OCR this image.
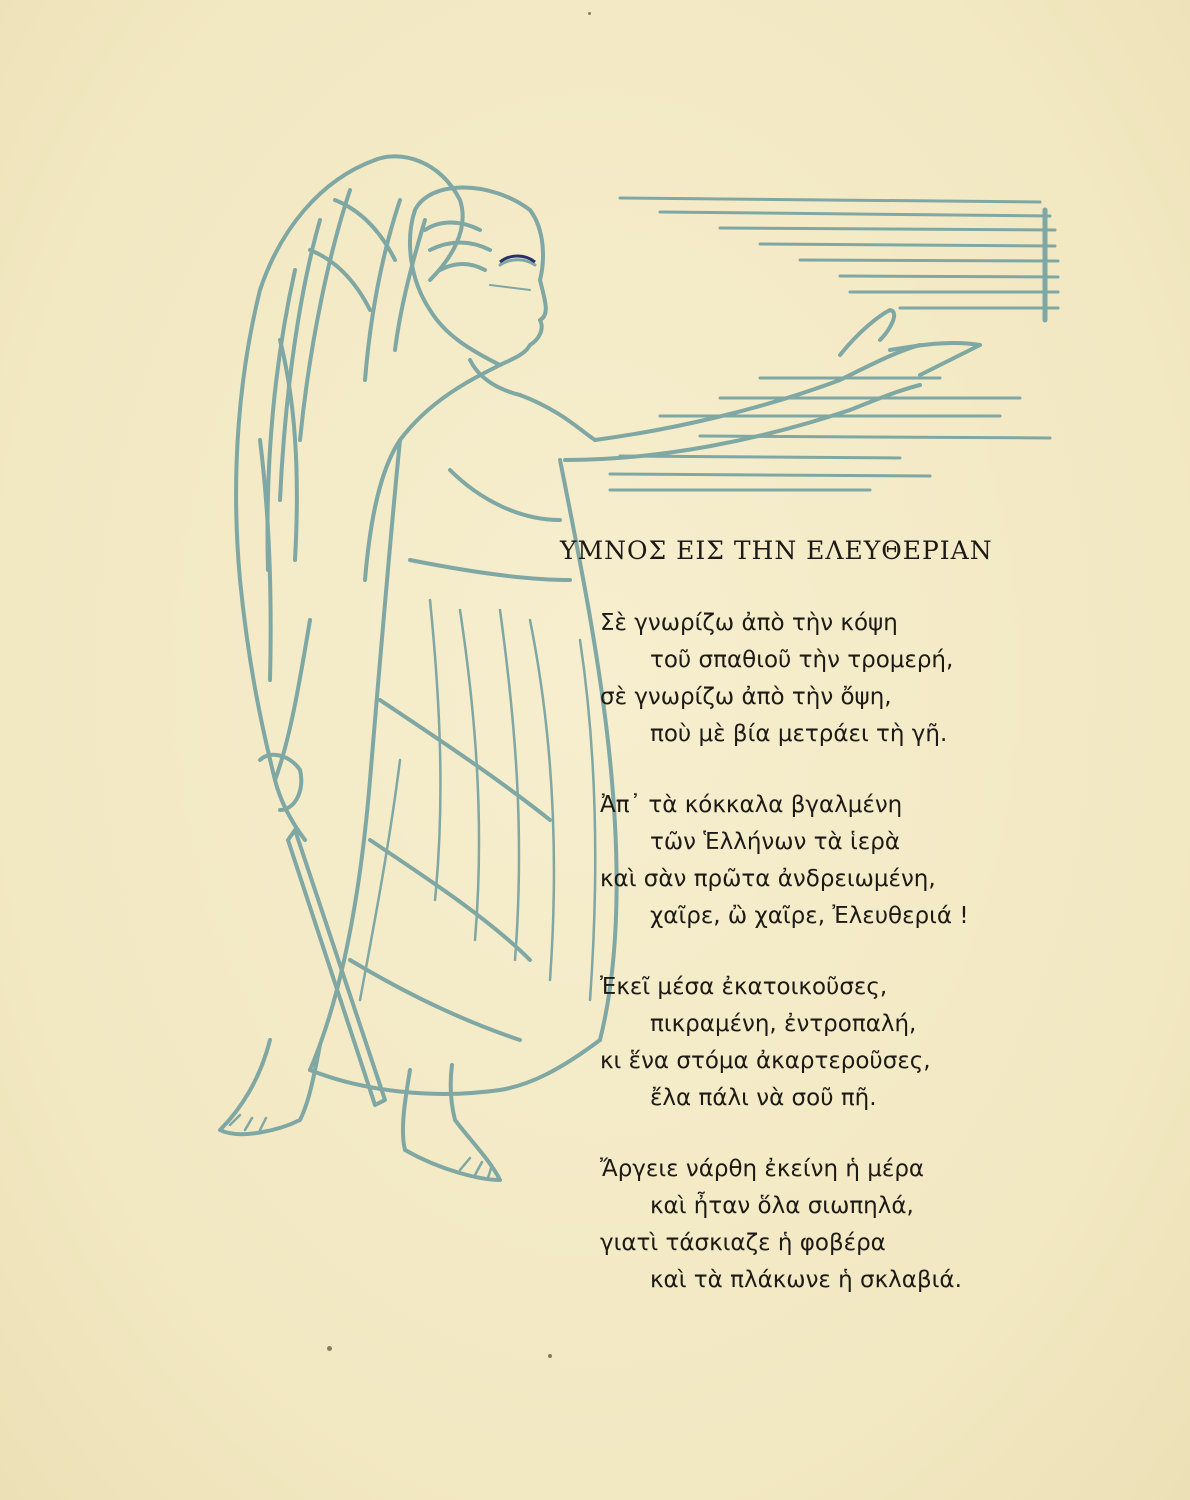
ΥΜΝΟΣ ΕΙΣ ΤΗΝ ΕΛΕΥΘΕΡΙΑΝ
Σὲ γνωρίζω ἀπὸ τὴν κόψη
τοῦ σπαθιοῦ τὴν τρομερή,
σὲ γνωρίζω ἀπὸ τὴν ὄψη,
ποὺ μὲ βία μετράει τὴ γῆ.
Ἀπ᾿ τὰ κόκκαλα βγαλμένη
τῶν Ἑλλήνων τὰ ἱερὰ
καὶ σὰν πρῶτα ἀνδρειωμένη,
χαῖρε, ὢ χαῖρε, Ἐλευθεριά !
Ἐκεῖ μέσα ἐκατοικοῦσες,
πικραμένη, ἐντροπαλή,
κι ἕνα στόμα ἀκαρτεροῦσες,
ἔλα πάλι νὰ σοῦ πῆ.
Ἄργειε νάρθη ἐκείνη ἡ μέρα
καὶ ἦταν ὅλα σιωπηλά,
γιατὶ τάσκιαζε ἡ φοβέρα
καὶ τὰ πλάκωνε ἡ σκλαβιά.
